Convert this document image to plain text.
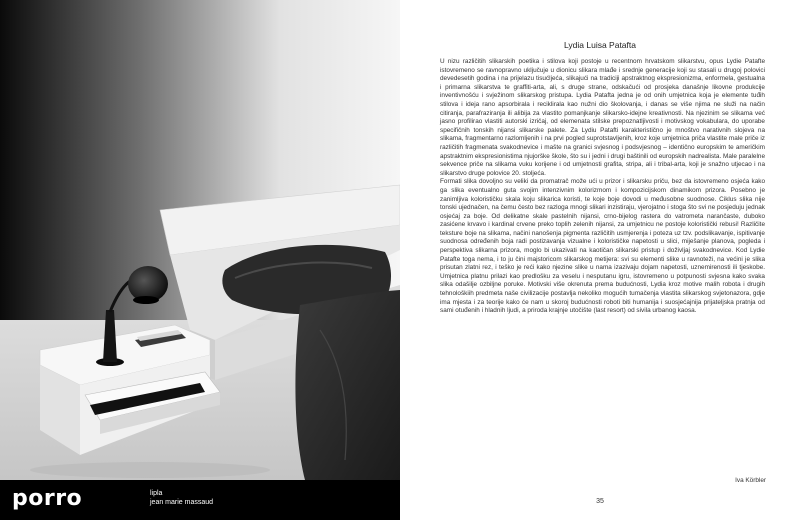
porro	lipla
jean marie massaud
Lydia Luisa Patafta

U nizu različitih slikarskih poetika i stilova koji postoje u recentnom hrvatskom slikarstvu, opus Lydie Patafte istovremeno se ravnopravno uključuje u dionicu slikara mlađe i srednje generacije koji su stasali u drugoj polovici devedesetih godina i na prijelazu tisućljeća, slikajući na tradiciji apstraktnog ekspresionizma, enformela, gestualna i primarna slikarstva te graffiti-arta, ali, s druge strane, odskačući od prosjeka današnje likovne produkcije inventivnošću i svježinom slikarskog pristupa. Lydia Patafta jedna je od onih umjetnica koja je elemente tuđih stilova i ideja rano apsorbirala i reciklirala kao nužni dio školovanja, i danas se više njima ne služi na način citiranja, parafraziranja ili alibija za vlastito pomanjkanje slikarsko-idejne kreativnosti. Na njezinim se slikama već jasno profilirao vlastiti autorski izričaj, od elemenata stilske prepoznatljivosti i motivskog vokabulara, do uporabe specifičnih tonskih nijansi slikarske palete. Za Lydiu Patafti karakteristično je mnoštvo narativnih slojeva na slikama, fragmentarno razlomljenih i na prvi pogled suprotstavljenih, kroz koje umjetnica priča vlastite male priče iz različitih fragmenata svakodnevice i mašte na granici svjesnog i podsvjesnog – identično europskim te američkim apstraktnim ekspresionistima njujorške škole, što su i jedni i drugi baštinili od europskih nadrealista. Male paralelne sekvence priče na slikama vuku korijene i od umjetnosti grafita, stripa, ali i tribal-arta, koji je snažno utjecao i na slikarstvo druge polovice 20. stoljeća.

Formati slika dovoljno su veliki da promatrač može ući u prizor i slikarsku priču, bez da istovremeno osjeća kako ga slika eventualno guta svojim intenzivnim kolorizmom i kompozicijskom dinamikom prizora. Posebno je zanimljiva kolorističku skala koju slikarica koristi, te koje boje dovodi u međusobne suodnose. Ciklus slika nije tonski ujednačen, na čemu često bez razloga mnogi slikari inzistiraju, vjerojatno i stoga što svi ne posjeduju jednak osjećaj za boje. Od delikatne skale pastelnih nijansi, crno-bijelog rastera do vatrometa narančaste, duboko zasićene krvavo i kardinal crvene preko toplih zelenih nijansi, za umjetnicu ne postoje koloristički rebusi! Različite teksture boje na slikama, načini nanošenja pigmenta različitih usmjerenja i poteza uz tzv. podslikavanje, ispitivanje suodnosa određenih boja radi postizavanja vizualne i kolorističke napetosti u slici, miješanje planova, pogleda i perspektiva slikarna prizora, moglo bi ukazivati na kaotičan slikarski pristup i doživljaj svakodnevice. Kod Lydie Patafte toga nema, i to ju čini majstoricom slikarskog metijera: svi su elementi slike u ravnoteži, na većini je slika prisutan zlatni rez, i teško je reći kako njezine slike u nama izazivaju dojam napetosti, uznemirenosti ili tjeskobe. Umjetnica platnu prilazi kao predlošku za veselu i nesputanu igru, istovremeno u potpunosti svjesna kako svaka slika odašilje ozbiljne poruke. Motivski više okrenuta prema budućnosti, Lydia kroz motive malih robota i drugih tehnološkiih predmeta naše civilizacije postavlja nekoliko mogućih tumačenja vlastita slikarskog svjetonazora, gdje ima mjesta i za teorije kako će nam u skoroj budućnosti roboti biti humanija i suosjećajnija prijateljska pratnja od sami otuđenih i hladnih ljudi, a priroda krajnje utočište (last resort) od sivila urbanog kaosa.

Iva Körbler
35
